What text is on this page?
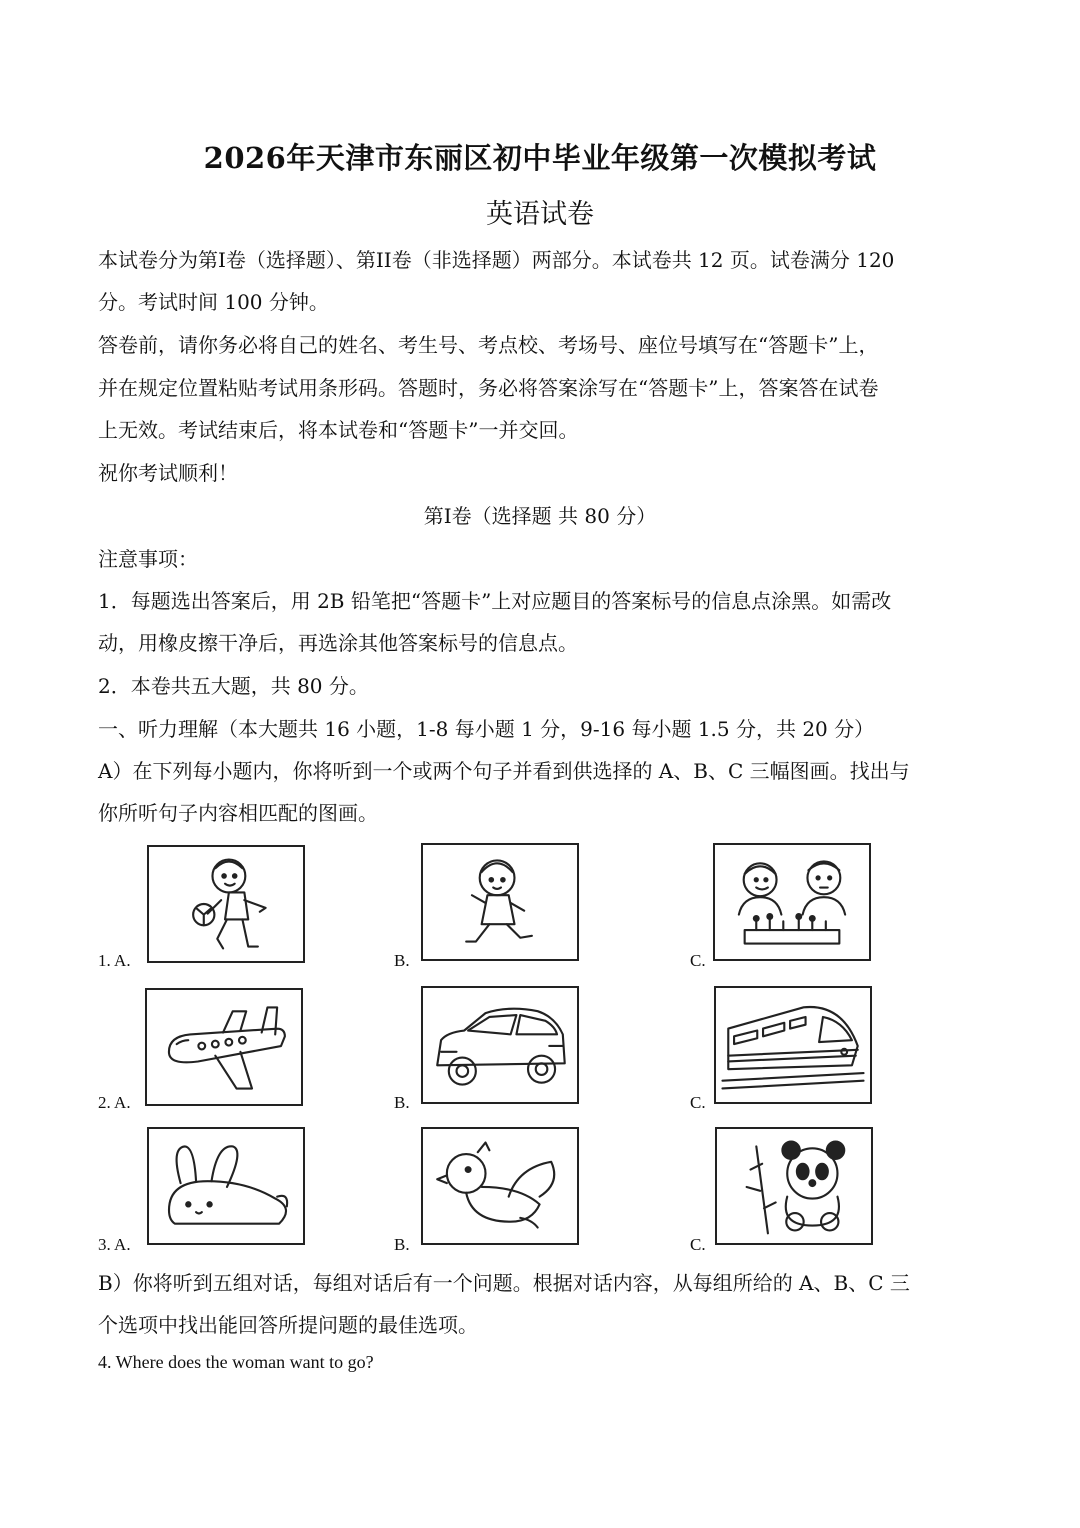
2026年天津市东丽区初中毕业年级第一次模拟考试
英语试卷
本试卷分为第I卷（选择题）、第II卷（非选择题）两部分。本试卷共 12 页。试卷满分 120
分。考试时间 100 分钟。
答卷前，请你务必将自己的姓名、考生号、考点校、考场号、座位号填写在“答题卡”上，
并在规定位置粘贴考试用条形码。答题时，务必将答案涂写在“答题卡”上，答案答在试卷
上无效。考试结束后，将本试卷和“答题卡”一并交回。
祝你考试顺利！
第I卷（选择题 共 80 分）
注意事项：
1．每题选出答案后，用 2B 铅笔把“答题卡”上对应题目的答案标号的信息点涂黑。如需改
动，用橡皮擦干净后，再选涂其他答案标号的信息点。
2．本卷共五大题，共 80 分。
一、听力理解（本大题共 16 小题，1-8 每小题 1 分，9-16 每小题 1.5 分，共 20 分）
A）在下列每小题内，你将听到一个或两个句子并看到供选择的 A、B、C 三幅图画。找出与
你所听句子内容相匹配的图画。
1. A.	B.	C.
2. A.	B.	C.
3. A.	B.	C.
B）你将听到五组对话，每组对话后有一个问题。根据对话内容，从每组所给的 A、B、C 三
个选项中找出能回答所提问题的最佳选项。
4. Where does the woman want to go?
